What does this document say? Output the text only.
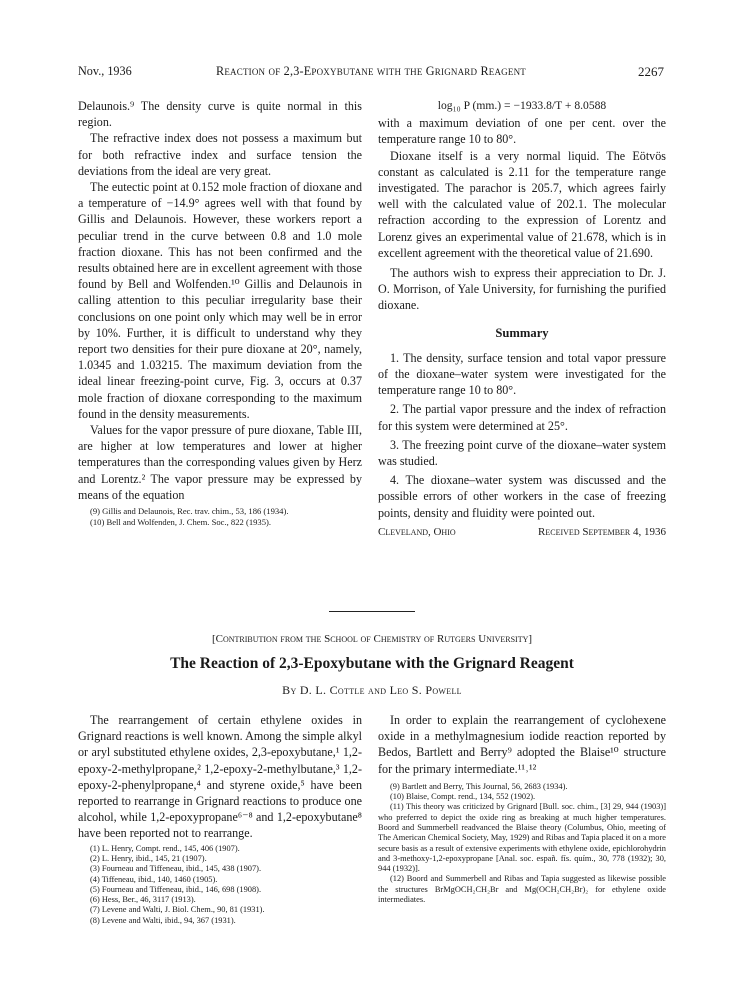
Nov., 1936	Reaction of 2,3-Epoxybutane with the Grignard Reagent	2267

Delaunois.⁹ The density curve is quite normal in this region.

The refractive index does not possess a maximum but for both refractive index and surface tension the deviations from the ideal are very great.

The eutectic point at 0.152 mole fraction of dioxane and a temperature of −14.9° agrees well with that found by Gillis and Delaunois. However, these workers report a peculiar trend in the curve between 0.8 and 1.0 mole fraction dioxane. This has not been confirmed and the results obtained here are in excellent agreement with those found by Bell and Wolfenden.¹⁰ Gillis and Delaunois in calling attention to this peculiar irregularity base their conclusions on one point only which may well be in error by 10%. Further, it is difficult to understand why they report two densities for their pure dioxane at 20°, namely, 1.0345 and 1.03215. The maximum deviation from the ideal linear freezing-point curve, Fig. 3, occurs at 0.37 mole fraction of dioxane corresponding to the maximum found in the density measurements.

Values for the vapor pressure of pure dioxane, Table III, are higher at low temperatures and lower at higher temperatures than the corresponding values given by Herz and Lorentz.² The vapor pressure may be expressed by means of the equation

(9) Gillis and Delaunois, Rec. trav. chim., 53, 186 (1934).

(10) Bell and Wolfenden, J. Chem. Soc., 822 (1935).

log₁₀ P (mm.) = −1933.8/T + 8.0588

with a maximum deviation of one per cent. over the temperature range 10 to 80°.

Dioxane itself is a very normal liquid. The Eötvös constant as calculated is 2.11 for the temperature range investigated. The parachor is 205.7, which agrees fairly well with the calculated value of 202.1. The molecular refraction according to the expression of Lorentz and Lorenz gives an experimental value of 21.678, which is in excellent agreement with the theoretical value of 21.690.

The authors wish to express their appreciation to Dr. J. O. Morrison, of Yale University, for furnishing the purified dioxane.

Summary

1. The density, surface tension and total vapor pressure of the dioxane–water system were investigated for the temperature range 10 to 80°.

2. The partial vapor pressure and the index of refraction for this system were determined at 25°.

3. The freezing point curve of the dioxane–water system was studied.

4. The dioxane–water system was discussed and the possible errors of other workers in the case of freezing points, density and fluidity were pointed out.

Cleveland, Ohio	Received September 4, 1936
[Contribution from the School of Chemistry of Rutgers University]
The Reaction of 2,3-Epoxybutane with the Grignard Reagent
By D. L. Cottle and Leo S. Powell

The rearrangement of certain ethylene oxides in Grignard reactions is well known. Among the simple alkyl or aryl substituted ethylene oxides, 2,3-epoxybutane,¹ 1,2-epoxy-2-methylpropane,² 1,2-epoxy-2-methylbutane,³ 1,2-epoxy-2-phenylpropane,⁴ and styrene oxide,⁵ have been reported to rearrange in Grignard reactions to produce one alcohol, while 1,2-epoxypropane⁶⁻⁸ and 1,2-epoxybutane⁸ have been reported not to rearrange.

(1) L. Henry, Compt. rend., 145, 406 (1907).

(2) L. Henry, ibid., 145, 21 (1907).

(3) Fourneau and Tiffeneau, ibid., 145, 438 (1907).

(4) Tiffeneau, ibid., 140, 1460 (1905).

(5) Fourneau and Tiffeneau, ibid., 146, 698 (1908).

(6) Hess, Ber., 46, 3117 (1913).

(7) Levene and Walti, J. Biol. Chem., 90, 81 (1931).

(8) Levene and Walti, ibid., 94, 367 (1931).

In order to explain the rearrangement of cyclohexene oxide in a methylmagnesium iodide reaction reported by Bedos, Bartlett and Berry⁹ adopted the Blaise¹⁰ structure for the primary intermediate.¹¹˒¹²

(9) Bartlett and Berry, This Journal, 56, 2683 (1934).

(10) Blaise, Compt. rend., 134, 552 (1902).

(11) This theory was criticized by Grignard [Bull. soc. chim., [3] 29, 944 (1903)] who preferred to depict the oxide ring as breaking at much higher temperatures. Boord and Summerbell readvanced the Blaise theory (Columbus, Ohio, meeting of The American Chemical Society, May, 1929) and Ribas and Tapia placed it on a more secure basis as a result of extensive experiments with ethylene oxide, epichlorohydrin and 3-methoxy-1,2-epoxypropane [Anal. soc. españ. fís. quím., 30, 778 (1932); 30, 944 (1932)].

(12) Boord and Summerbell and Ribas and Tapia suggested as likewise possible the structures BrMgOCH₂CH₂Br and Mg(OCH₂CH₂Br)₂ for ethylene oxide intermediates.
